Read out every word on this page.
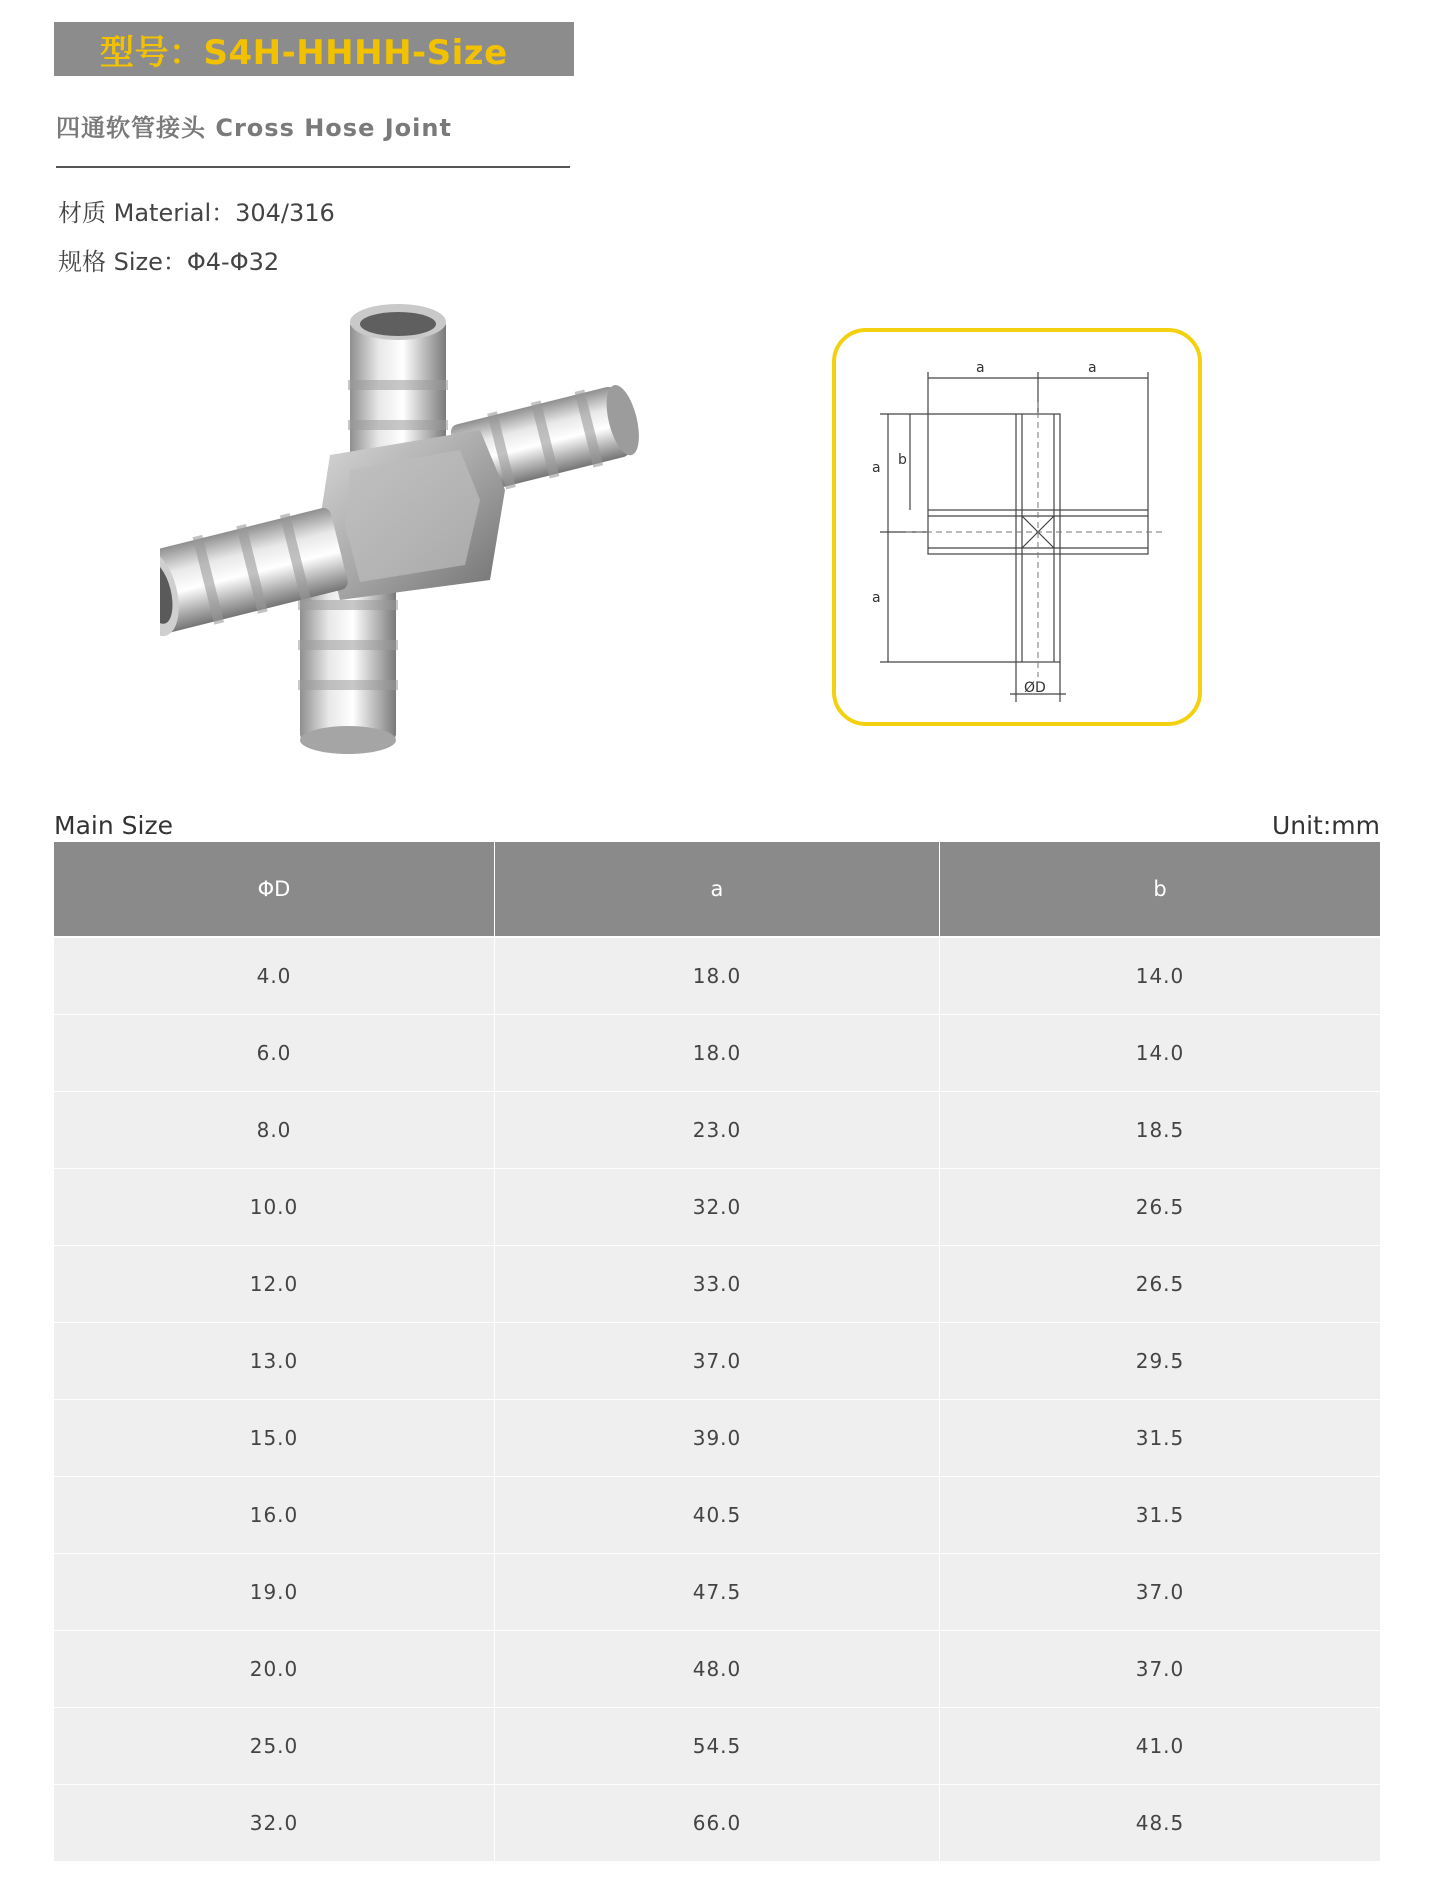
型号：S4H-HHHH-Size
四通软管接头 Cross Hose Joint
材质 Material：304/316
规格 Size：Φ4-Φ32
a	a
a
a
b
ØD
Main Size	Unit:mm
ΦD	a	b
4.0	18.0	14.0
6.0	18.0	14.0
8.0	23.0	18.5
10.0	32.0	26.5
12.0	33.0	26.5
13.0	37.0	29.5
15.0	39.0	31.5
16.0	40.5	31.5
19.0	47.5	37.0
20.0	48.0	37.0
25.0	54.5	41.0
32.0	66.0	48.5
